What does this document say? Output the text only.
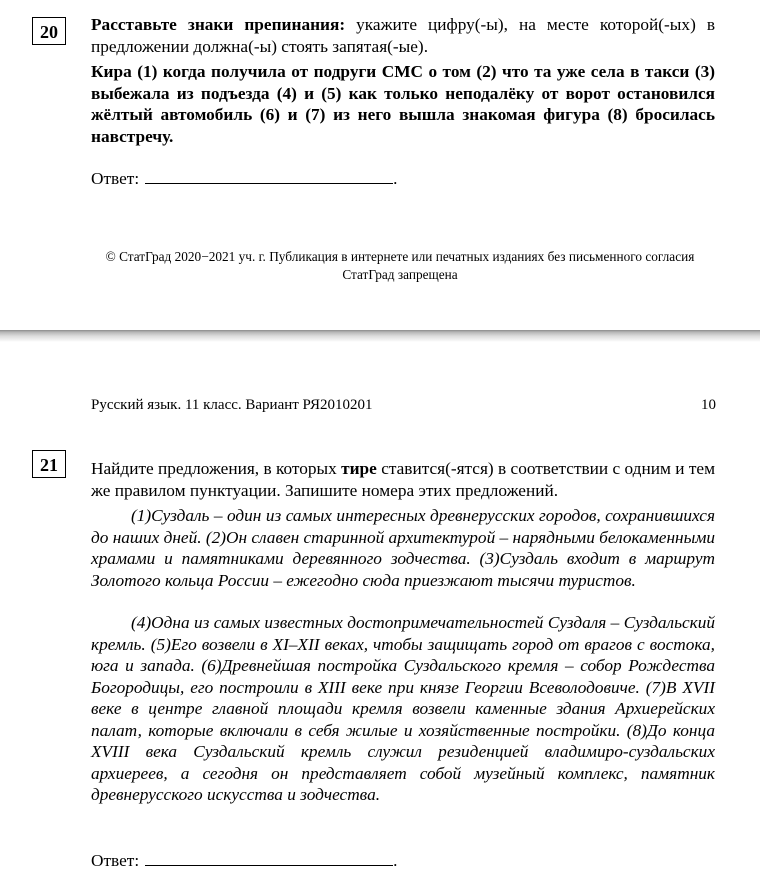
20	Расставьте знаки препинания: укажите цифру(-ы), на месте которой(-ых) в предложении должна(-ы) стоять запятая(-ые).
Кира (1) когда получила от подруги СМС о том (2) что та уже села в такси (3) выбежала из подъезда (4) и (5) как только неподалёку от ворот остановился жёлтый автомобиль (6) и (7) из него вышла знакомая фигура (8) бросилась навстречу.
Ответ:	.
© СтатГрад 2020−2021 уч. г. Публикация в интернете или печатных изданиях без письменного согласия СтатГрад запрещена
Русский язык. 11 класс. Вариант РЯ2010201	10
21	Найдите предложения, в которых тире ставится(-ятся) в соответствии с одним и тем же правилом пунктуации. Запишите номера этих предложений.
(1)Суздаль – один из самых интересных древнерусских городов, сохранившихся до наших дней. (2)Он славен старинной архитектурой – нарядными белокаменными храмами и памятниками деревянного зодчества. (3)Суздаль входит в маршрут Золотого кольца России – ежегодно сюда приезжают тысячи туристов.
(4)Одна из самых известных достопримечательностей Суздаля – Суздальский кремль. (5)Его возвели в XI–XII веках, чтобы защищать город от врагов с востока, юга и запада. (6)Древнейшая постройка Суздальского кремля – собор Рождества Богородицы, его построили в XIII веке при князе Георгии Всеволодовиче. (7)В XVII веке в центре главной площади кремля возвели каменные здания Архиерейских палат, которые включали в себя жилые и хозяйственные постройки. (8)До конца XVIII века Суздальский кремль служил резиденцией владимиро-суздальских архиереев, а сегодня он представляет собой музейный комплекс, памятник древнерусского искусства и зодчества.
Ответ:	.
